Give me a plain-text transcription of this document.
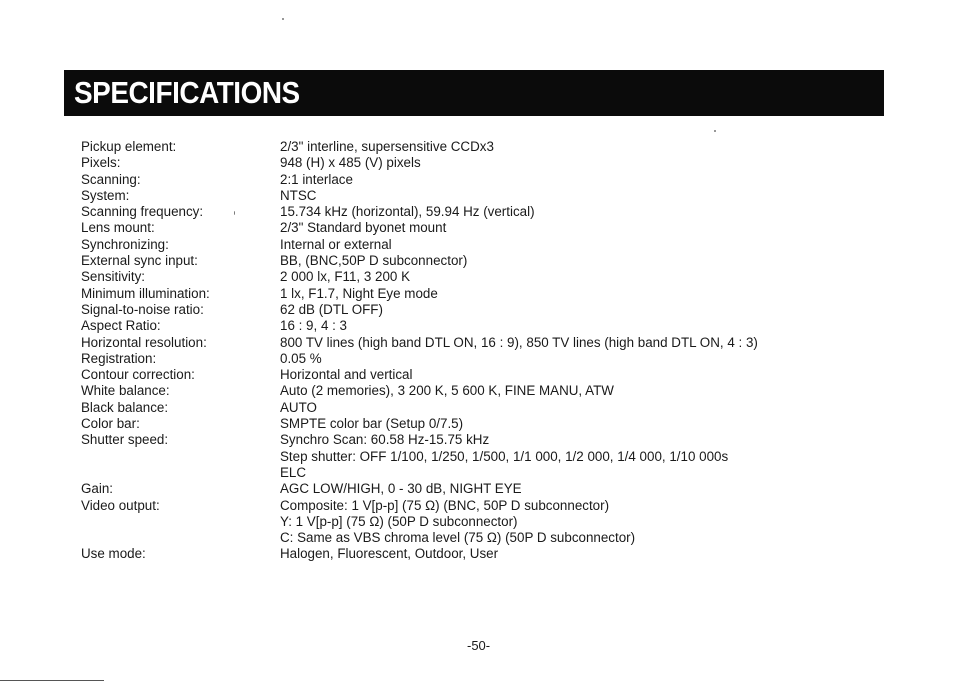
SPECIFICATIONS
Pickup element:	2/3" interline, supersensitive CCDx3
Pixels:	948 (H) x 485 (V) pixels
Scanning:	2:1 interlace
System:	NTSC
Scanning frequency:	15.734 kHz (horizontal), 59.94 Hz (vertical)
Lens mount:	2/3" Standard byonet mount
Synchronizing:	Internal or external
External sync input:	BB, (BNC,50P D subconnector)
Sensitivity:	2 000 lx, F11, 3 200 K
Minimum illumination:	1 lx, F1.7, Night Eye mode
Signal-to-noise ratio:	62 dB (DTL OFF)
Aspect Ratio:	16 : 9, 4 : 3
Horizontal resolution:	800 TV lines (high band DTL ON, 16 : 9), 850 TV lines (high band DTL ON, 4 : 3)
Registration:	0.05 %
Contour correction:	Horizontal and vertical
White balance:	Auto (2 memories), 3 200 K, 5 600 K, FINE MANU, ATW
Black balance:	AUTO
Color bar:	SMPTE color bar (Setup 0/7.5)
Shutter speed:	Synchro Scan: 60.58 Hz-15.75 kHz
Step shutter: OFF 1/100, 1/250, 1/500, 1/1 000, 1/2 000, 1/4 000, 1/10 000s
ELC
Gain:	AGC LOW/HIGH, 0 - 30 dB, NIGHT EYE
Video output:	Composite: 1 V[p-p] (75 Ω) (BNC, 50P D subconnector)
Y: 1 V[p-p] (75 Ω) (50P D subconnector)
C: Same as VBS chroma level (75 Ω) (50P D subconnector)
Use mode:	Halogen, Fluorescent, Outdoor, User
-50-
